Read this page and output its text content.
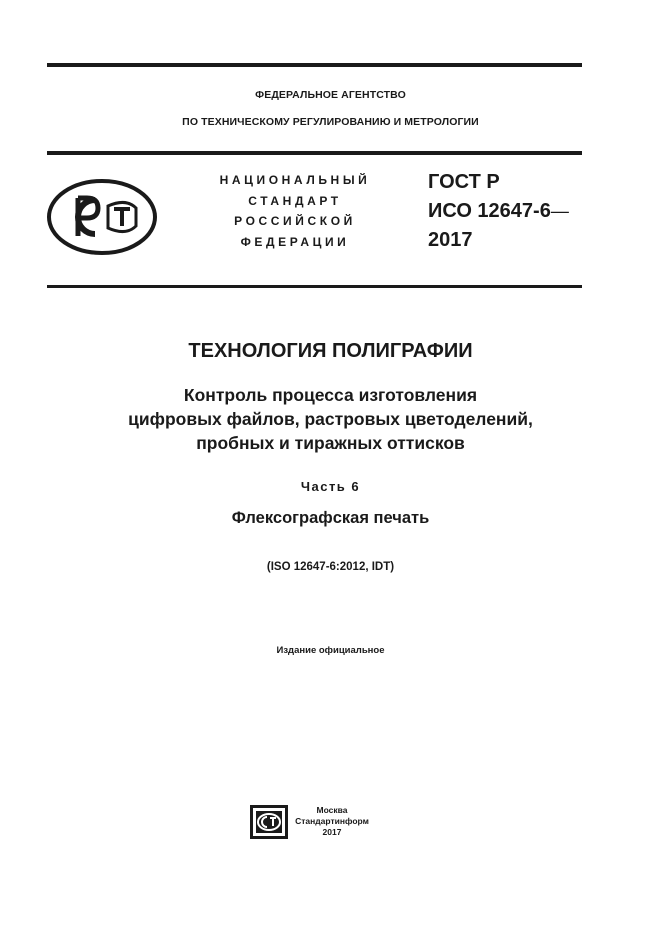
ФЕДЕРАЛЬНОЕ АГЕНТСТВО
ПО ТЕХНИЧЕСКОМУ РЕГУЛИРОВАНИЮ И МЕТРОЛОГИИ
НАЦИОНАЛЬНЫЙ
СТАНДАРТ
РОССИЙСКОЙ
ФЕДЕРАЦИИ
ГОСТ Р
ИСО 12647-6—
2017
ТЕХНОЛОГИЯ ПОЛИГРАФИИ
Контроль процесса изготовления
цифровых файлов, растровых цветоделений,
пробных и тиражных оттисков
Часть 6
Флексографская печать
(ISO 12647-6:2012, IDT)
Издание официальное
Москва
Стандартинформ
2017
